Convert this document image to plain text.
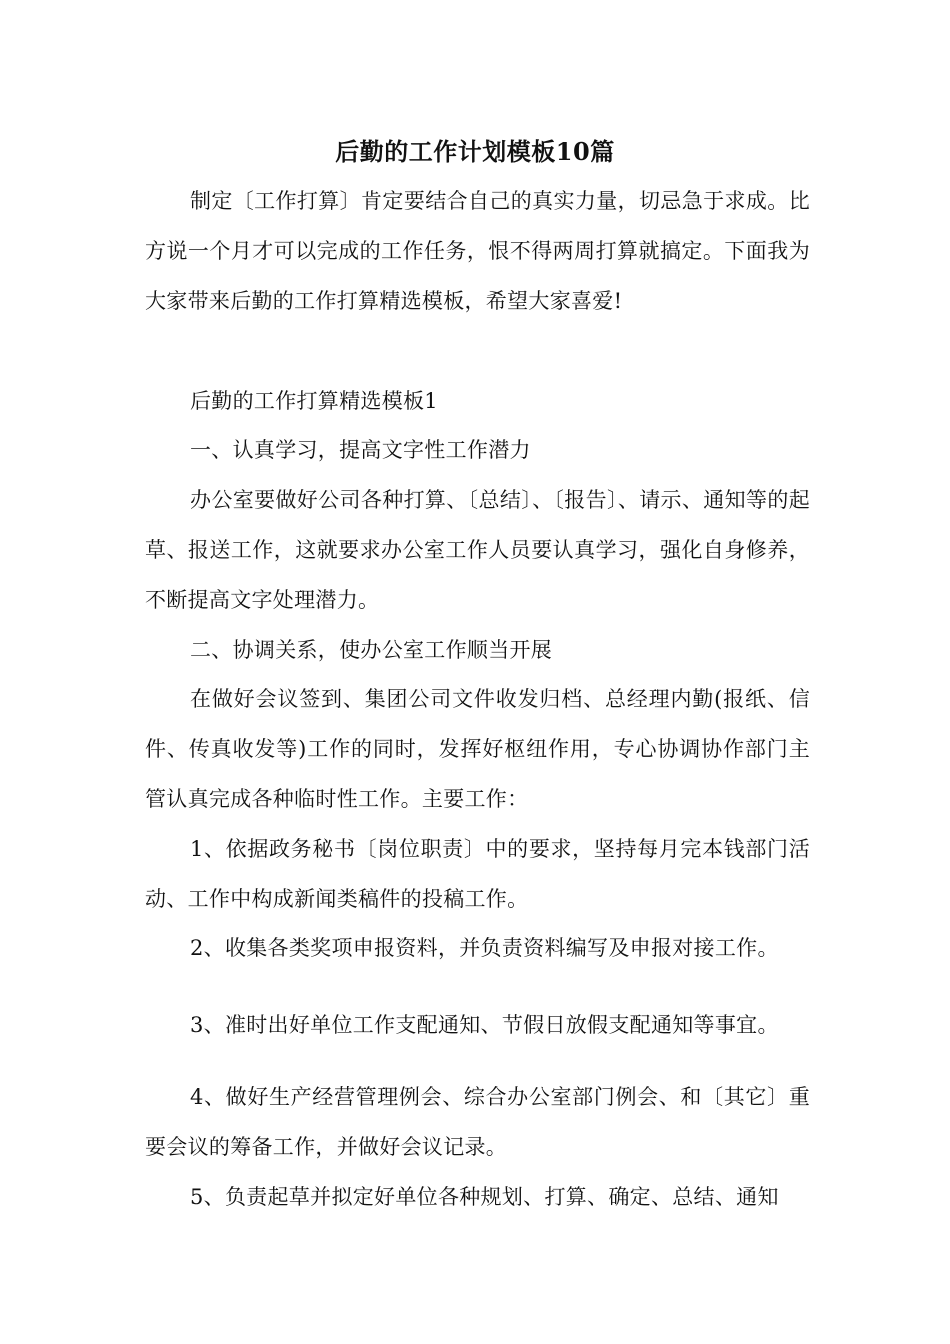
后勤的工作计划模板10篇

制定〔工作打算〕肯定要结合自己的真实力量，切忌急于求成。比方说一个月才可以完成的工作任务，恨不得两周打算就搞定。下面我为大家带来后勤的工作打算精选模板，希望大家喜爱!

后勤的工作打算精选模板1

一、认真学习，提高文字性工作潜力

办公室要做好公司各种打算、〔总结〕、〔报告〕、请示、通知等的起草、报送工作，这就要求办公室工作人员要认真学习，强化自身修养，不断提高文字处理潜力。

二、协调关系，使办公室工作顺当开展

在做好会议签到、集团公司文件收发归档、总经理内勤(报纸、信件、传真收发等)工作的同时，发挥好枢纽作用，专心协调协作部门主管认真完成各种临时性工作。主要工作：

1、依据政务秘书〔岗位职责〕中的要求，坚持每月完本钱部门活动、工作中构成新闻类稿件的投稿工作。

2、收集各类奖项申报资料，并负责资料编写及申报对接工作。

3、准时出好单位工作支配通知、节假日放假支配通知等事宜。

4、做好生产经营管理例会、综合办公室部门例会、和〔其它〕重要会议的筹备工作，并做好会议记录。

5、负责起草并拟定好单位各种规划、打算、确定、总结、通知
